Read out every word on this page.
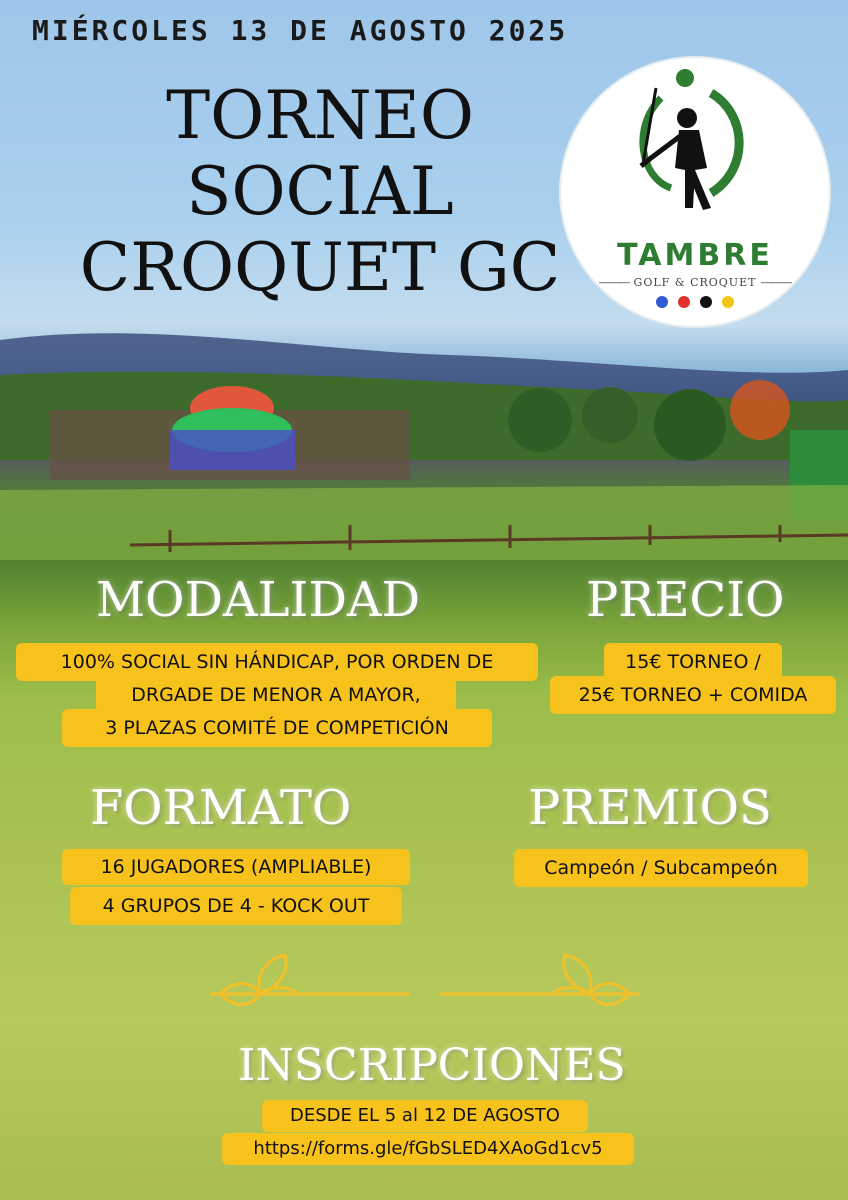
MIÉRCOLES 13 DE AGOSTO 2025
TORNEO
SOCIAL
CROQUET GC	TAMBRE
――― GOLF & CROQUET ―――
MODALIDAD
100% SOCIAL SIN HÁNDICAP, POR ORDEN DE
DRGADE DE MENOR A MAYOR,
3 PLAZAS COMITÉ DE COMPETICIÓN
PRECIO
15€ TORNEO /
25€ TORNEO + COMIDA
FORMATO
16 JUGADORES (AMPLIABLE)
4 GRUPOS DE 4 - KOCK OUT
PREMIOS
Campeón / Subcampeón
INSCRIPCIONES
DESDE EL 5 al 12 DE AGOSTO
https://forms.gle/fGbSLED4XAoGd1cv5
